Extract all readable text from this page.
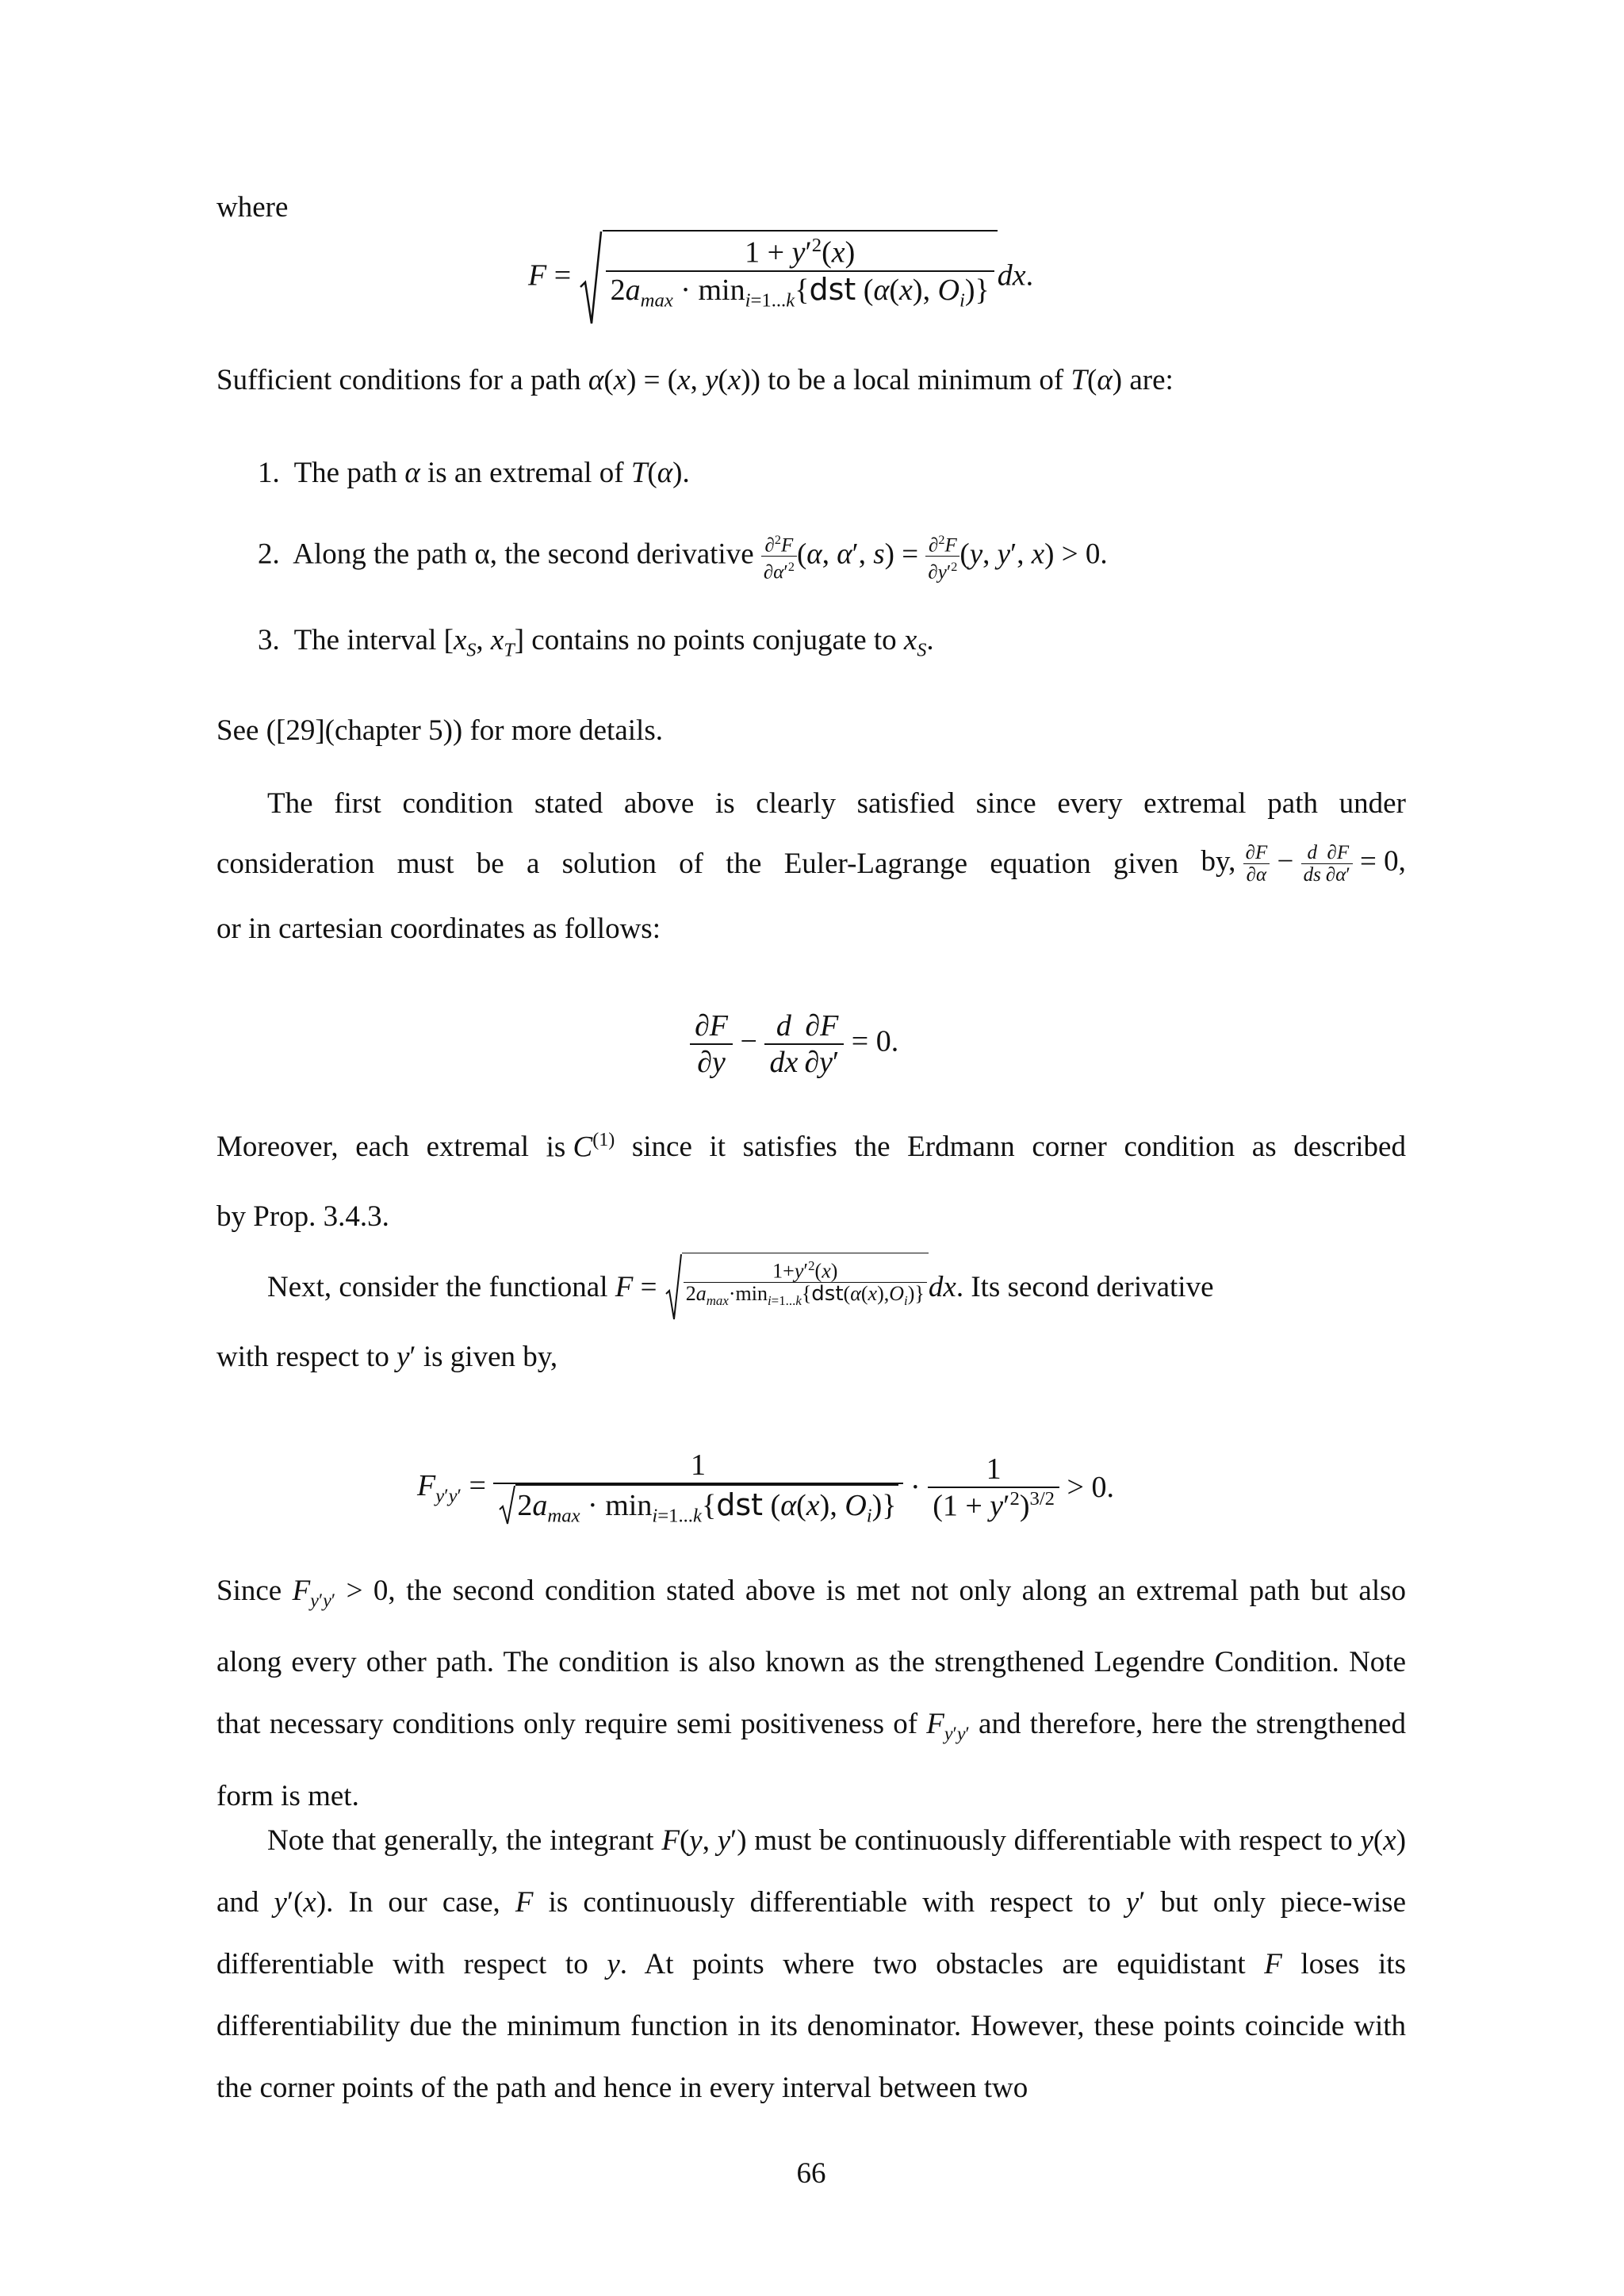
where
$F = \frac{1 + y'^2(x)}{2a_{max} \cdot \min_{i=1...k}\{dst (\alpha(x), O_i)\}}$ dx.
Sufficient conditions for a path α(x) = (x, y(x)) to be a local minimum of T(α) are:
1.  The path α is an extremal of T(α).
2. Along the path α, the second derivative $\frac{\partial^2F}{\partial\alpha'^2} (\alpha$, α′, $s) = \frac{\partial^2F}{\partial y'^2} (y$, y′, x) > 0.
3.  The interval [$x_S$, $x_T$] contains no points conjugate to $x_S$.
See ([29](chapter 5)) for more details.
The first condition stated above is clearly satisfied since every extremal path under
consideration must be a solution of the Euler-Lagrange equation given by, $\frac{\partial F}{\partial\alpha} - \frac{d}{ds} \frac{\partial F}{\partial\alpha'} = 0$,
or in cartesian coordinates as follows:
$\frac{\partial F}{\partial y} - \frac{d}{dx}$
$\frac{\partial F}{\partial y'} = 0$.
Moreover, each extremal is $C^{(1)}$ since it satisfies the Erdmann corner condition as described
by Prop. 3.4.3.
Next, consider the functional F =	$1+y'^2(x)$
$2a_{max}\cdot\min_{i=1...k}\{dst(\alpha(x),O_i)\}$ dx. Its second derivative
with respect to y′ is given by,
$F_{y'y'} = \frac{1}{2a_{max} \cdot \min_{i=1...k}\{dst (\alpha(x), O_i)\}} \cdot \frac{1}{(1 + y'^2)^{3/2}} > 0$.
Since $F_{y'y'} > 0$, the second condition stated above is met not only along an extremal path but also along every other path. The condition is also known as the strengthened Legendre Condition. Note that necessary conditions only require semi positiveness of $F_{y'y'}$ and therefore, here the strengthened form is met.
Note that generally, the integrant F(y, y′) must be continuously differentiable with respect to y(x) and y′(x). In our case, F is continuously differentiable with respect to y′ but only piece-wise differentiable with respect to y. At points where two obstacles are equidistant F loses its differentiability due the minimum function in its denominator. However, these points coincide with the corner points of the path and hence in every interval between two
66
